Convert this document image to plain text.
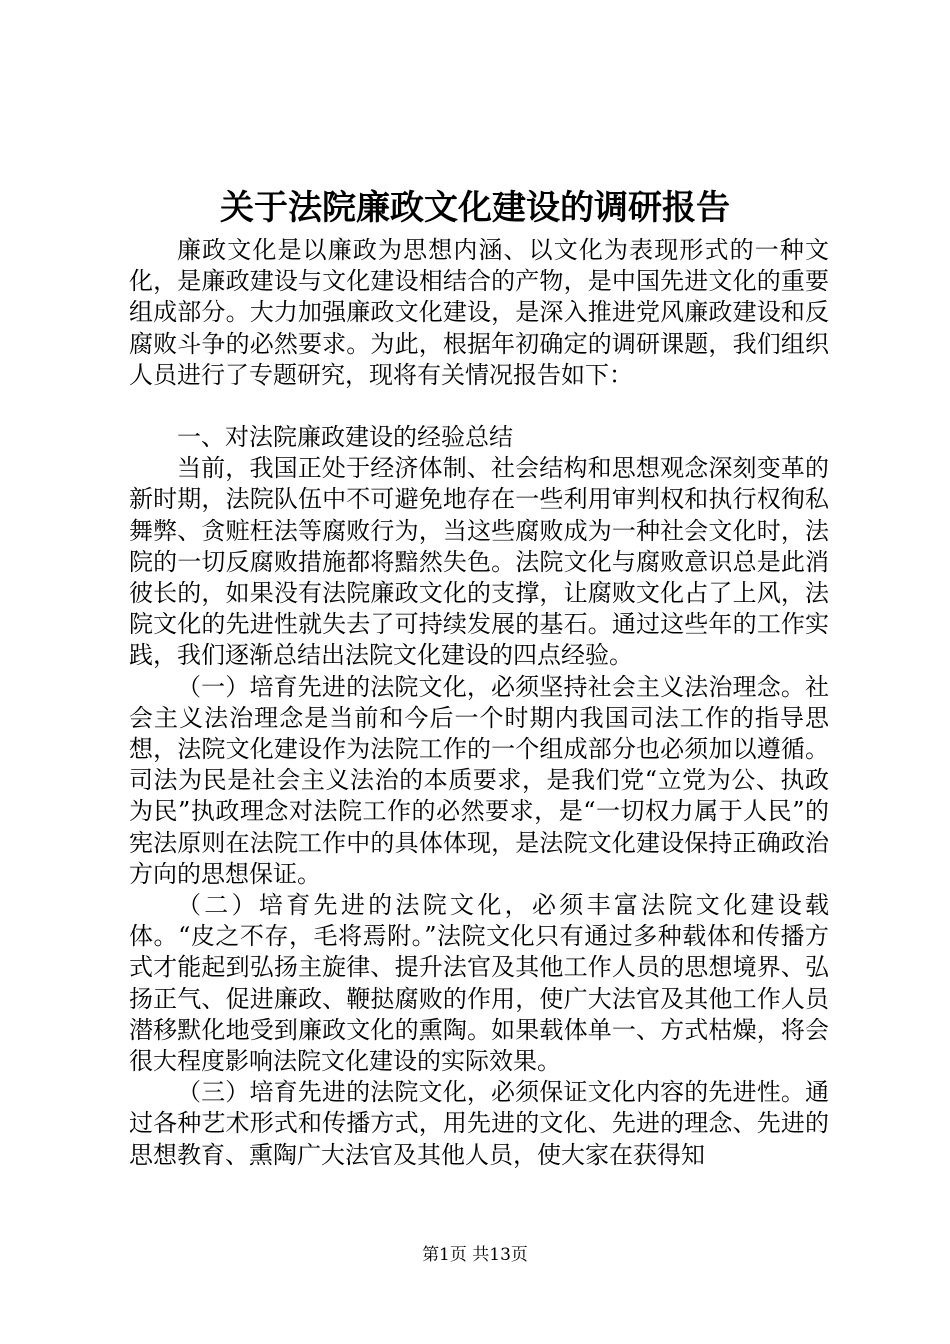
关于法院廉政文化建设的调研报告

廉政文化是以廉政为思想内涵、以文化为表现形式的一种文化，是廉政建设与文化建设相结合的产物，是中国先进文化的重要组成部分。大力加强廉政文化建设，是深入推进党风廉政建设和反腐败斗争的必然要求。为此，根据年初确定的调研课题，我们组织人员进行了专题研究，现将有关情况报告如下：

一、对法院廉政建设的经验总结

当前，我国正处于经济体制、社会结构和思想观念深刻变革的新时期，法院队伍中不可避免地存在一些利用审判权和执行权徇私舞弊、贪赃枉法等腐败行为，当这些腐败成为一种社会文化时，法院的一切反腐败措施都将黯然失色。法院文化与腐败意识总是此消彼长的，如果没有法院廉政文化的支撑，让腐败文化占了上风，法院文化的先进性就失去了可持续发展的基石。通过这些年的工作实践，我们逐渐总结出法院文化建设的四点经验。

（一）培育先进的法院文化，必须坚持社会主义法治理念。社会主义法治理念是当前和今后一个时期内我国司法工作的指导思想，法院文化建设作为法院工作的一个组成部分也必须加以遵循。司法为民是社会主义法治的本质要求，是我们党“立党为公、执政为民”执政理念对法院工作的必然要求，是“一切权力属于人民”的宪法原则在法院工作中的具体体现，是法院文化建设保持正确政治方向的思想保证。

（二）培育先进的法院文化，必须丰富法院文化建设载体。“皮之不存，毛将焉附。”法院文化只有通过多种载体和传播方式才能起到弘扬主旋律、提升法官及其他工作人员的思想境界、弘扬正气、促进廉政、鞭挞腐败的作用，使广大法官及其他工作人员潜移默化地受到廉政文化的熏陶。如果载体单一、方式枯燥，将会很大程度影响法院文化建设的实际效果。

（三）培育先进的法院文化，必须保证文化内容的先进性。通过各种艺术形式和传播方式，用先进的文化、先进的理念、先进的思想教育、熏陶广大法官及其他人员，使大家在获得知

第1页 共13页
